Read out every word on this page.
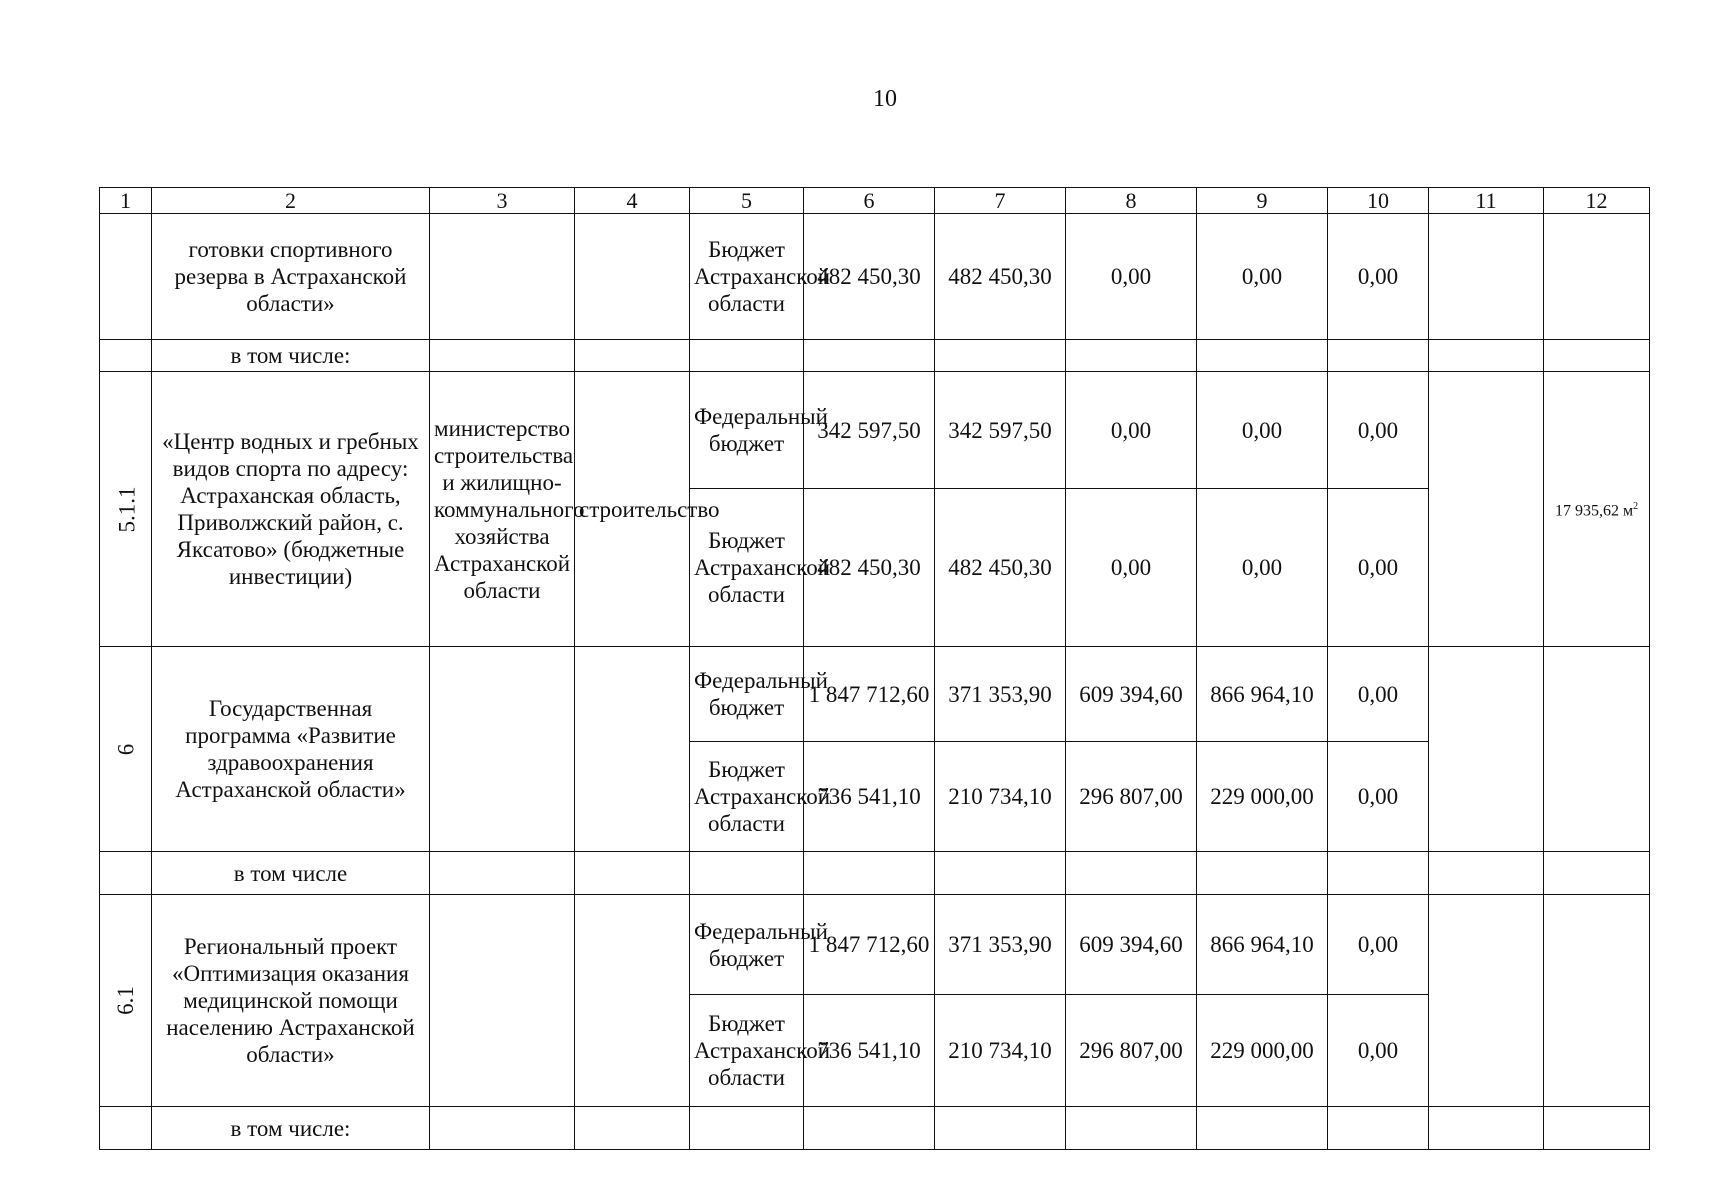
10
1	2	3	4	5	6	7	8	9	10	11	12
	готовки спортивного резерва в Астраханской области»			Бюджет Астраханской области	482 450,30	482 450,30	0,00	0,00	0,00		
	в том числе:										
5.1.1	«Центр водных и гребных видов спорта по адресу: Астраханская область, Приволжский район, с. Яксатово» (бюджетные инвестиции)	министерство строительства и жилищно-коммунального хозяйства Астраханской области	строительство	Федеральный бюджет	342 597,50	342 597,50	0,00	0,00	0,00		17 935,62 $м^2$
				Бюджет Астраханской области	482 450,30	482 450,30	0,00	0,00	0,00		
6	Государственная программа «Развитие здравоохранения Астраханской области»			Федеральный бюджет	1 847 712,60	371 353,90	609 394,60	866 964,10	0,00		
				Бюджет Астраханской области	736 541,10	210 734,10	296 807,00	229 000,00	0,00		
	в том числе										
6.1	Региональный проект «Оптимизация оказания медицинской помощи населению Астраханской области»			Федеральный бюджет	1 847 712,60	371 353,90	609 394,60	866 964,10	0,00		
				Бюджет Астраханской области	736 541,10	210 734,10	296 807,00	229 000,00	0,00		
	в том числе:										
